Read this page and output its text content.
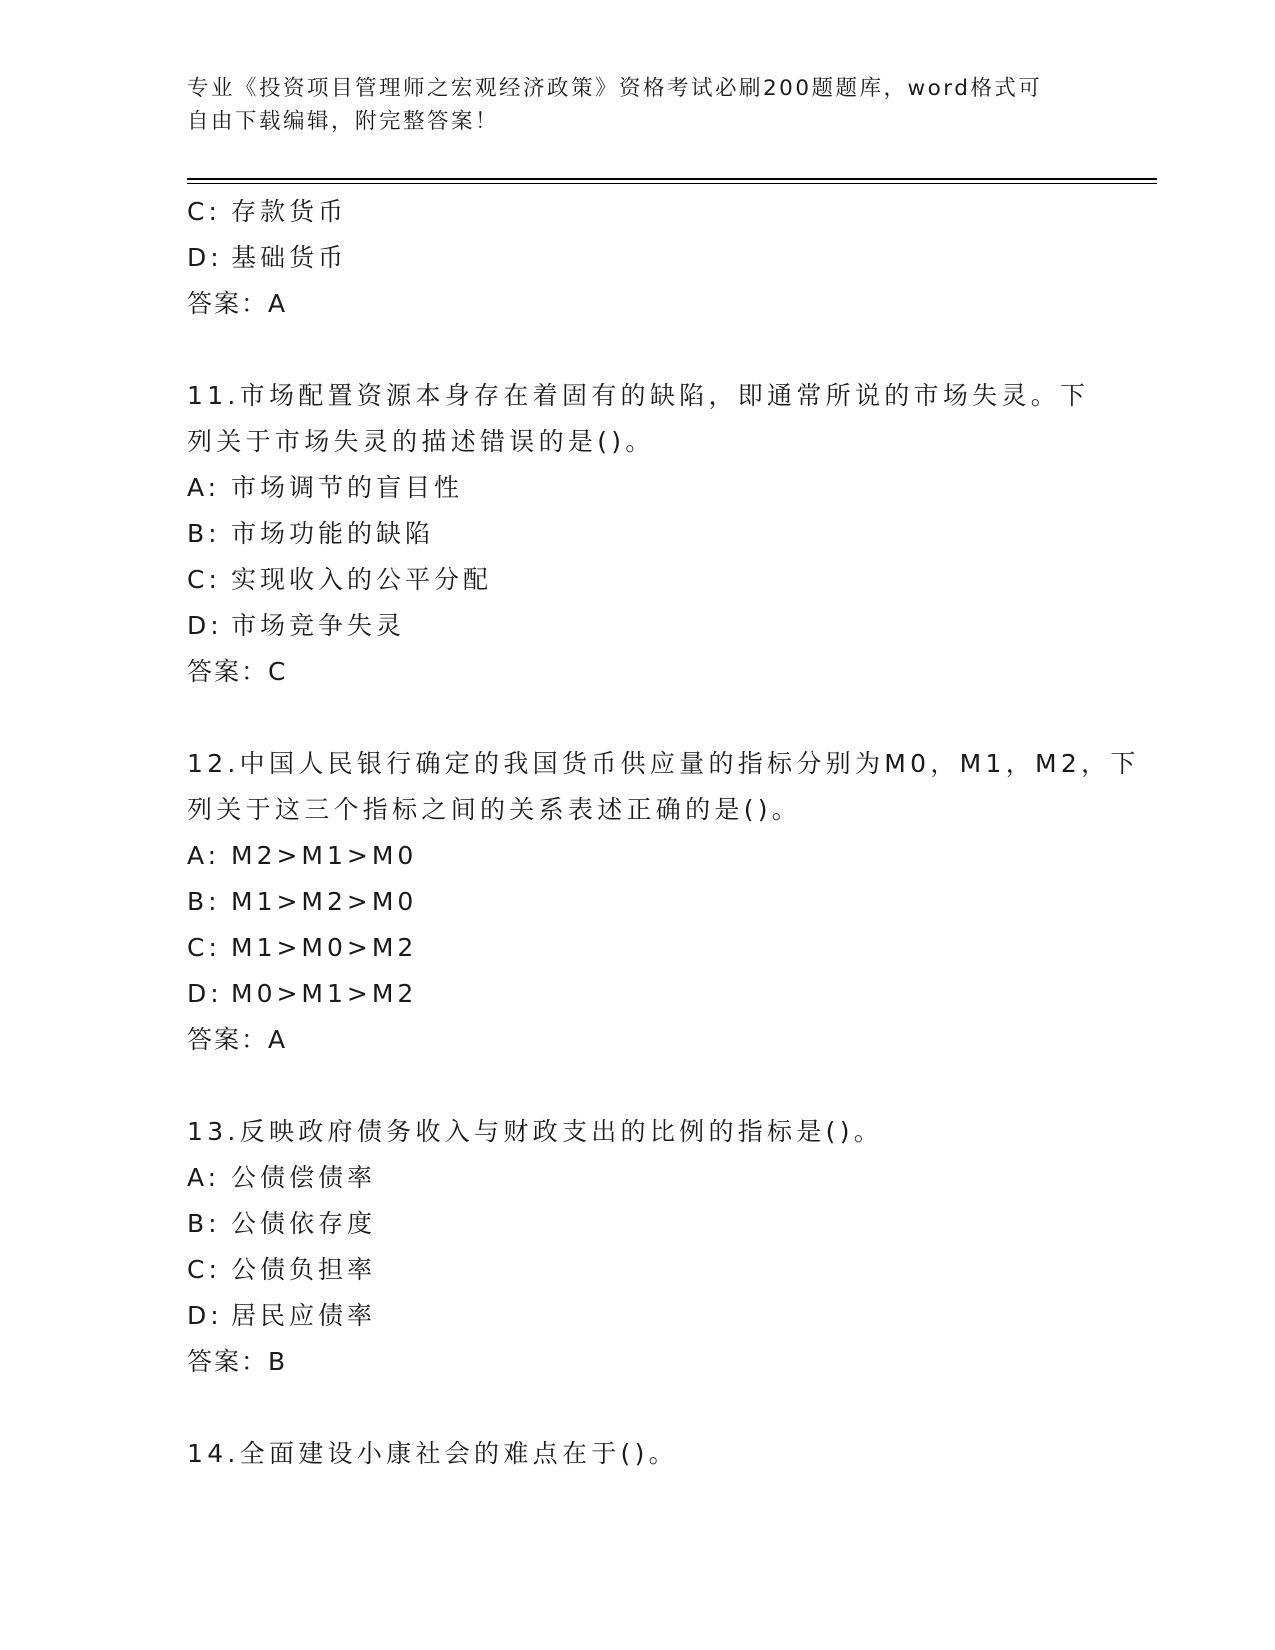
专业《投资项目管理师之宏观经济政策》资格考试必刷200题题库，word格式可
自由下载编辑，附完整答案！
C: 存款货币
D: 基础货币
答案：A
11.市场配置资源本身存在着固有的缺陷，即通常所说的市场失灵。下
列关于市场失灵的描述错误的是()。
A: 市场调节的盲目性
B: 市场功能的缺陷
C: 实现收入的公平分配
D: 市场竞争失灵
答案：C
12.中国人民银行确定的我国货币供应量的指标分别为M0，M1，M2，下
列关于这三个指标之间的关系表述正确的是()。
A: M2>M1>M0
B: M1>M2>M0
C: M1>M0>M2
D: M0>M1>M2
答案：A
13.反映政府债务收入与财政支出的比例的指标是()。
A: 公债偿债率
B: 公债依存度
C: 公债负担率
D: 居民应债率
答案：B
14.全面建设小康社会的难点在于()。
